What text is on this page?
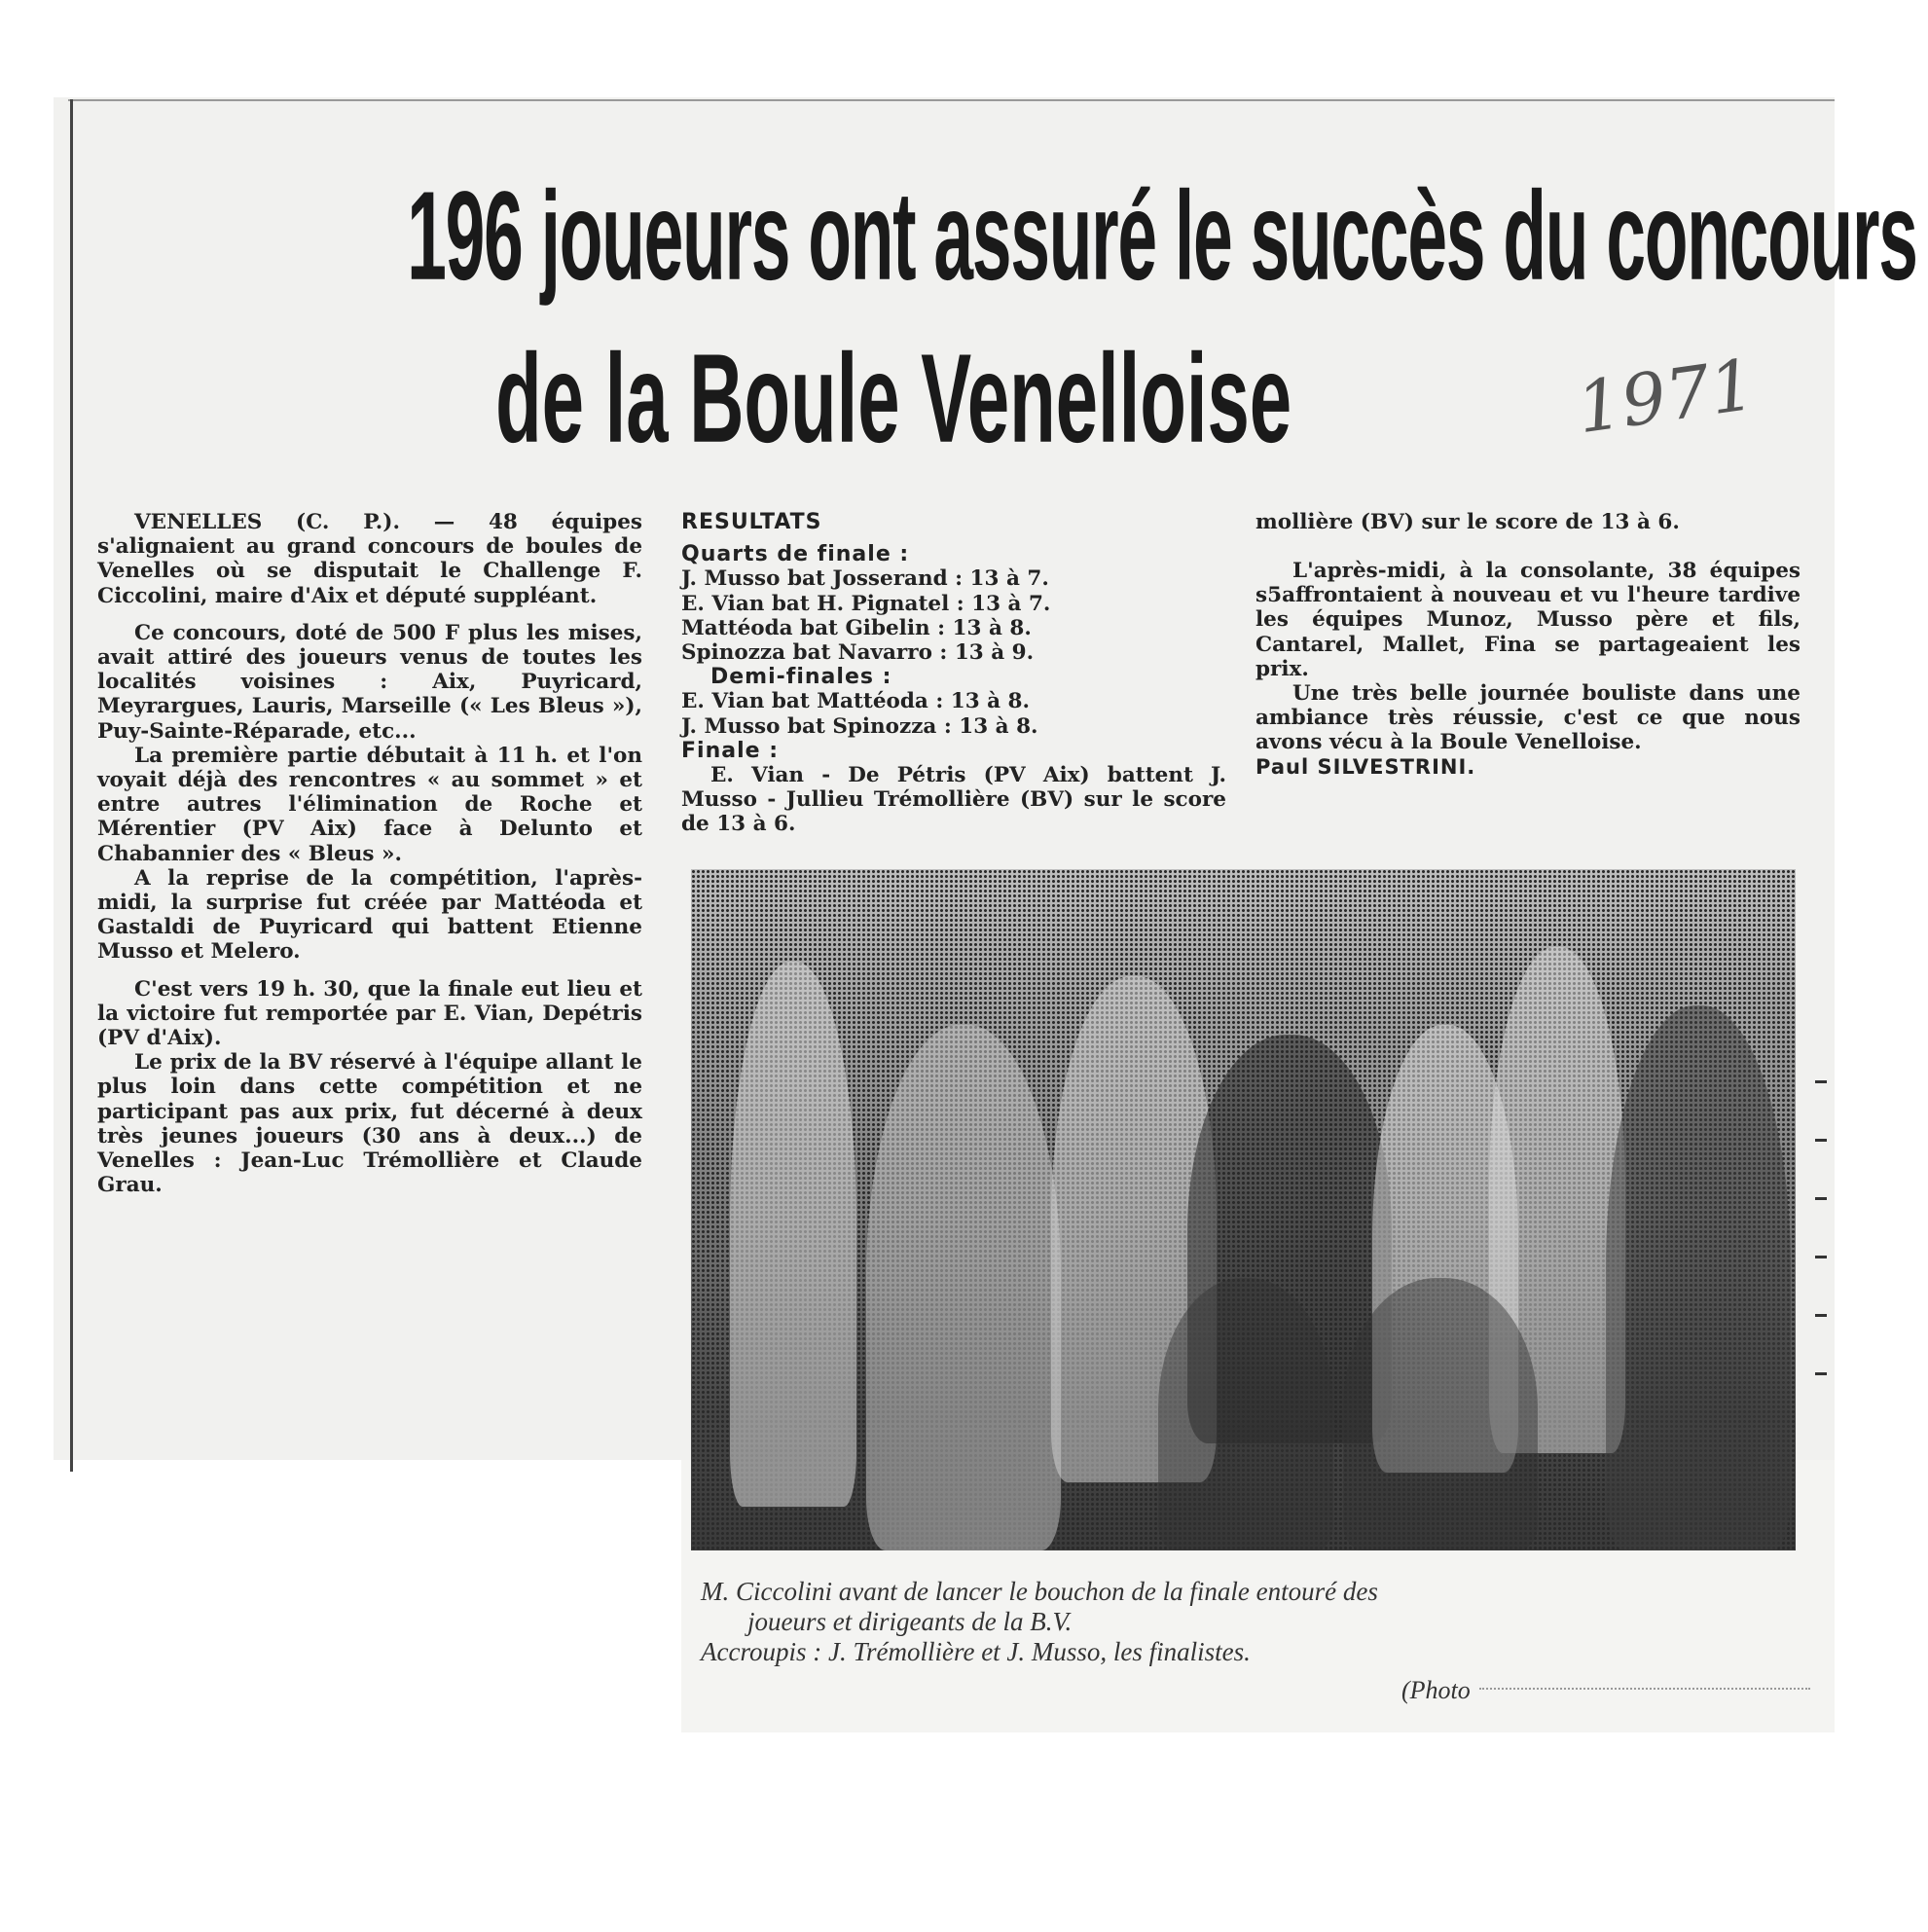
196 joueurs ont assuré le succès du concours
de la Boule Venelloise	1971

VENELLES (C. P.). — 48 équipes s'alignaient au grand concours de boules de Venelles où se disputait le Challenge F. Ciccolini, maire d'Aix et député suppléant.

Ce concours, doté de 500 F plus les mises, avait attiré des joueurs venus de toutes les localités voisines : Aix, Puyricard, Meyrargues, Lauris, Marseille (« Les Bleus »), Puy-Sainte-Réparade, etc...

La première partie débutait à 11 h. et l'on voyait déjà des rencontres « au sommet » et entre autres l'élimination de Roche et Mérentier (PV Aix) face à Delunto et Chabannier des « Bleus ».

A la reprise de la compétition, l'après-midi, la surprise fut créée par Mattéoda et Gastaldi de Puyricard qui battent Etienne Musso et Melero.

C'est vers 19 h. 30, que la finale eut lieu et la victoire fut remportée par E. Vian, Depétris (PV d'Aix).

Le prix de la BV réservé à l'équipe allant le plus loin dans cette compétition et ne participant pas aux prix, fut décerné à deux très jeunes joueurs (30 ans à deux...) de Venelles : Jean-Luc Trémollière et Claude Grau.

RESULTATS
Quarts de finale :
J. Musso bat Josserand : 13 à 7.
E. Vian bat H. Pignatel : 13 à 7.
Mattéoda bat Gibelin : 13 à 8.
Spinozza bat Navarro : 13 à 9.
Demi-finales :
E. Vian bat Mattéoda : 13 à 8.
J. Musso bat Spinozza : 13 à 8.
Finale :

E. Vian - De Pétris (PV Aix) battent J. Musso - Jullieu Trémollière (BV) sur le score de 13 à 6.

mollière (BV) sur le score de 13 à 6.

L'après-midi, à la consolante, 38 équipes s5affrontaient à nouveau et vu l'heure tardive les équipes Munoz, Musso père et fils, Cantarel, Mallet, Fina se partageaient les prix.

Une très belle journée bouliste dans une ambiance très réussie, c'est ce que nous avons vécu à la Boule Venelloise.

Paul SILVESTRINI.

M. Ciccolini avant de lancer le bouchon de la finale entouré des
joueurs et dirigeants de la B.V.
Accroupis : J. Trémollière et J. Musso, les finalistes.
(Photo
